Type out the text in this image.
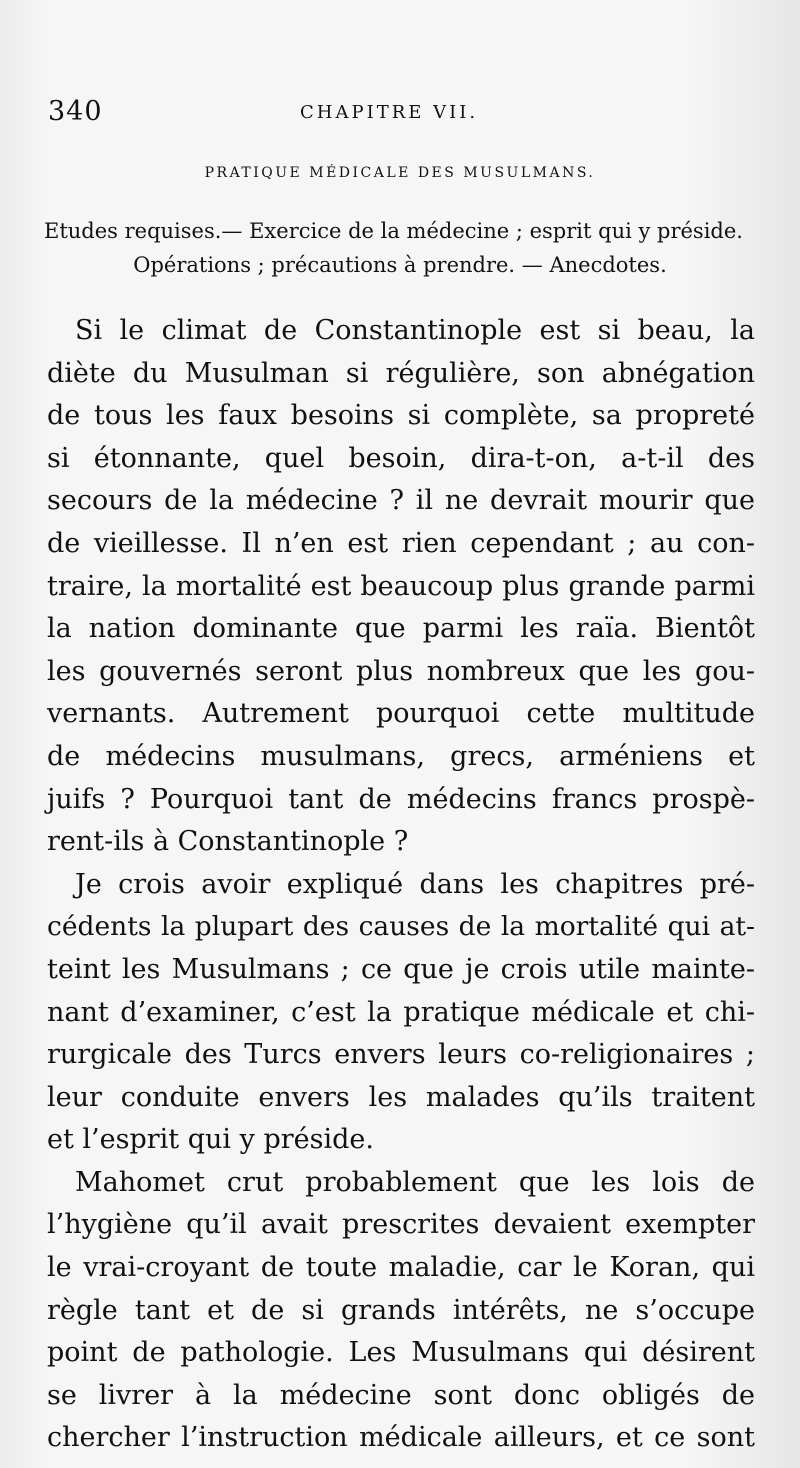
340	CHAPITRE VII.
PRATIQUE MÉDICALE DES MUSULMANS.
Etudes requises.— Exercice de la médecine ; esprit qui y préside.
Opérations ; précautions à prendre. — Anecdotes.
Si le climat de Constantinople est si beau, la
diète du Musulman si régulière, son abnégation
de tous les faux besoins si complète, sa propreté
si étonnante, quel besoin, dira-t-on, a-t-il des
secours de la médecine ? il ne devrait mourir que
de vieillesse. Il n’en est rien cependant ; au con-
traire, la mortalité est beaucoup plus grande parmi
la nation dominante que parmi les raïa. Bientôt
les gouvernés seront plus nombreux que les gou-
vernants. Autrement pourquoi cette multitude
de médecins musulmans, grecs, arméniens et
juifs ? Pourquoi tant de médecins francs prospè-
rent-ils à Constantinople ?
Je crois avoir expliqué dans les chapitres pré-
cédents la plupart des causes de la mortalité qui at-
teint les Musulmans ; ce que je crois utile mainte-
nant d’examiner, c’est la pratique médicale et chi-
rurgicale des Turcs envers leurs co-religionaires ;
leur conduite envers les malades qu’ils traitent
et l’esprit qui y préside.
Mahomet crut probablement que les lois de
l’hygiène qu’il avait prescrites devaient exempter
le vrai-croyant de toute maladie, car le Koran, qui
règle tant et de si grands intérêts, ne s’occupe
point de pathologie. Les Musulmans qui désirent
se livrer à la médecine sont donc obligés de
chercher l’instruction médicale ailleurs, et ce sont
